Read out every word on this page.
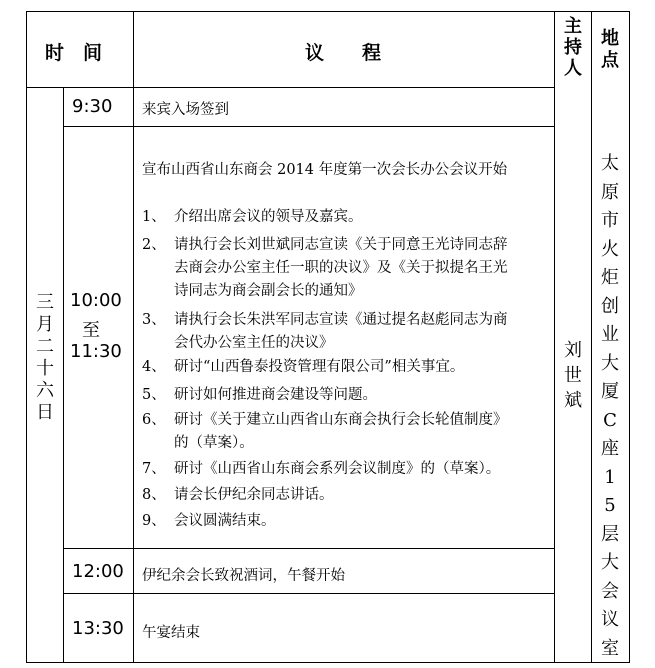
时　间	议　　程
主
持
人
地
点
三
月
二
十
六
日
刘
世
斌
太
原
市
火
炬
创
业
大
厦
C
座
1
5
层
大
会
议
室
9:30 来宾入场签到
10:00
至
11:30
宣布山西省山东商会 2014 年度第一次会长办公会议开始
1、 介绍出席会议的领导及嘉宾。
2、 请执行会长刘世斌同志宣读《关于同意王光诗同志辞
去商会办公室主任一职的决议》及《关于拟提名王光
诗同志为商会副会长的通知》
3、 请执行会长朱洪军同志宣读《通过提名赵彪同志为商
会代办公室主任的决议》
4、 研讨“山西鲁泰投资管理有限公司”相关事宜。
5、 研讨如何推进商会建设等问题。
6、 研讨《关于建立山西省山东商会执行会长轮值制度》
的（草案）。
7、 研讨《山西省山东商会系列会议制度》的（草案）。
8、 请会长伊纪余同志讲话。
9、 会议圆满结束。
12:00 伊纪余会长致祝酒词，午餐开始
13:30 午宴结束
